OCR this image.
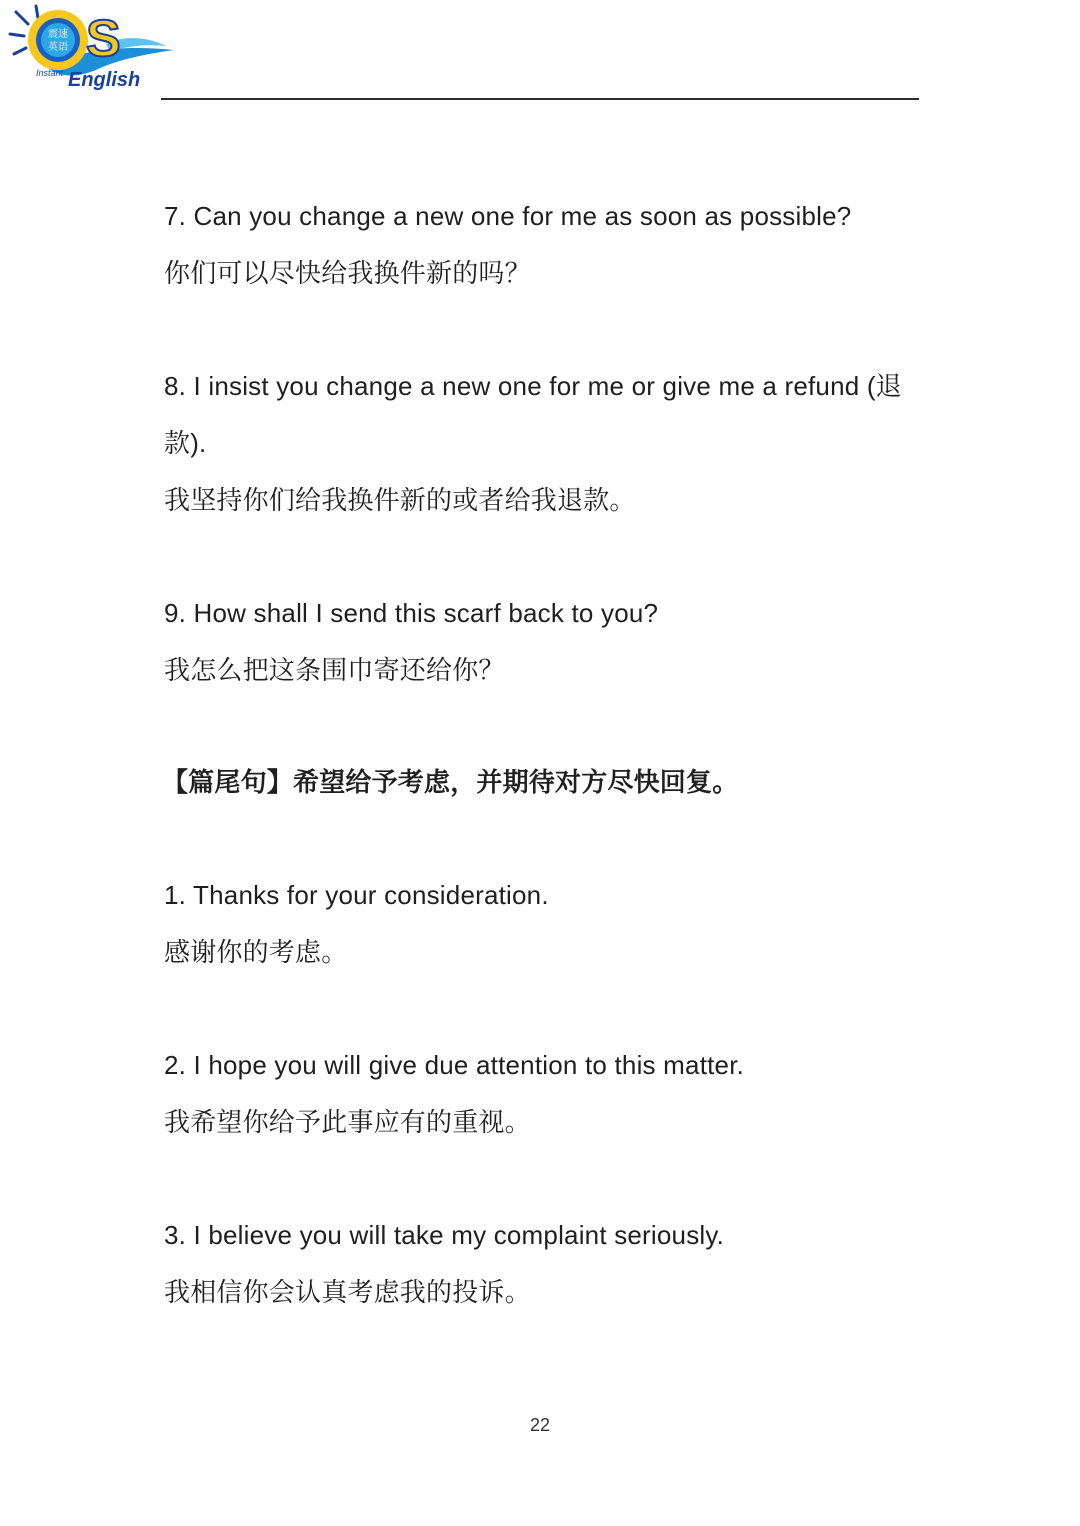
S
震速
英语
Instant English
7. Can you change a new one for me as soon as possible?
你们可以尽快给我换件新的吗？
8. I insist you change a new one for me or give me a refund (退
款).
我坚持你们给我换件新的或者给我退款。
9. How shall I send this scarf back to you?
我怎么把这条围巾寄还给你？
【篇尾句】希望给予考虑，并期待对方尽快回复。
1. Thanks for your consideration.
感谢你的考虑。
2. I hope you will give due attention to this matter.
我希望你给予此事应有的重视。
3. I believe you will take my complaint seriously.
我相信你会认真考虑我的投诉。
22
